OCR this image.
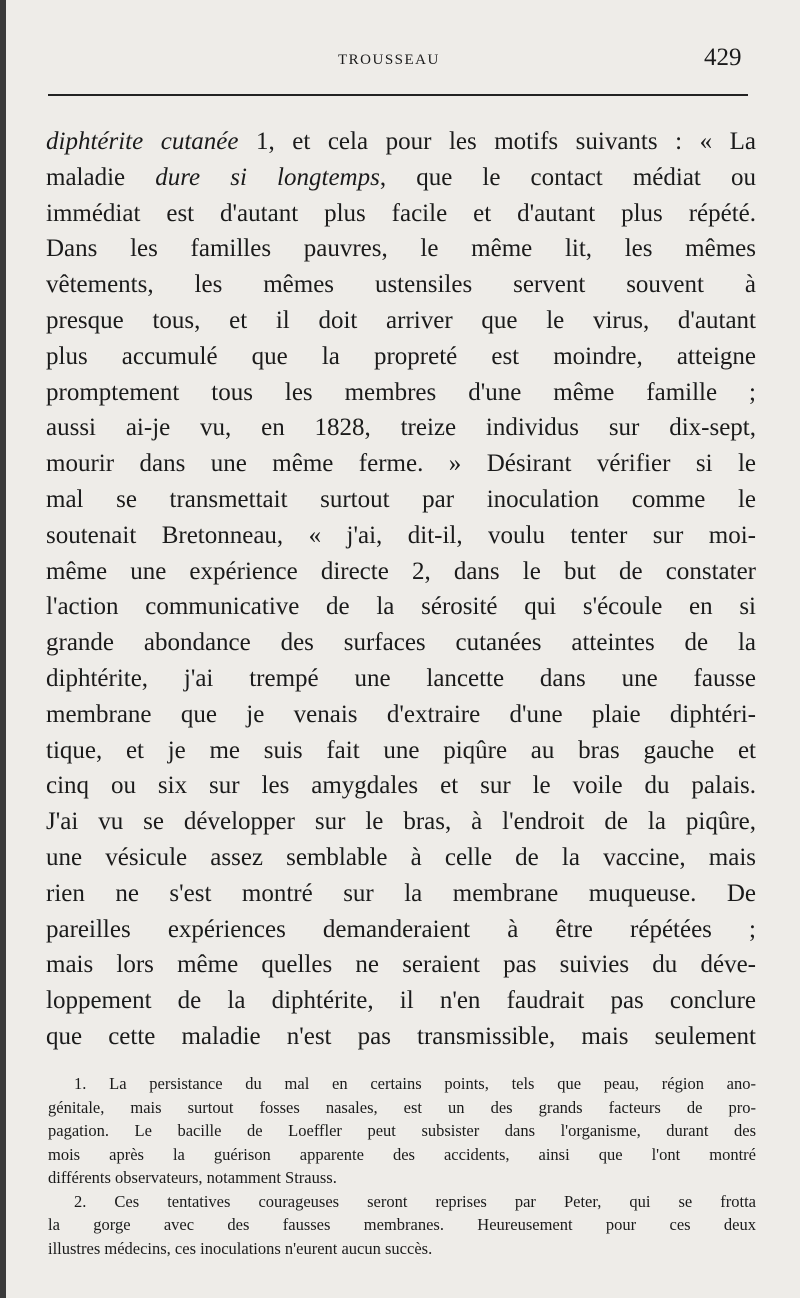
TROUSSEAU	429
diphtérite cutanée 1, et cela pour les motifs suivants : « La
maladie dure si longtemps, que le contact médiat ou
immédiat est d'autant plus facile et d'autant plus répété.
Dans les familles pauvres, le même lit, les mêmes
vêtements, les mêmes ustensiles servent souvent à
presque tous, et il doit arriver que le virus, d'autant
plus accumulé que la propreté est moindre, atteigne
promptement tous les membres d'une même famille ;
aussi ai-je vu, en 1828, treize individus sur dix-sept,
mourir dans une même ferme. » Désirant vérifier si le
mal se transmettait surtout par inoculation comme le
soutenait Bretonneau, « j'ai, dit-il, voulu tenter sur moi-
même une expérience directe 2, dans le but de constater
l'action communicative de la sérosité qui s'écoule en si
grande abondance des surfaces cutanées atteintes de la
diphtérite, j'ai trempé une lancette dans une fausse
membrane que je venais d'extraire d'une plaie diphtéri-
tique, et je me suis fait une piqûre au bras gauche et
cinq ou six sur les amygdales et sur le voile du palais.
J'ai vu se développer sur le bras, à l'endroit de la piqûre,
une vésicule assez semblable à celle de la vaccine, mais
rien ne s'est montré sur la membrane muqueuse. De
pareilles expériences demanderaient à être répétées ;
mais lors même quelles ne seraient pas suivies du déve-
loppement de la diphtérite, il n'en faudrait pas conclure
que cette maladie n'est pas transmissible, mais seulement
1. La persistance du mal en certains points, tels que peau, région ano-
génitale, mais surtout fosses nasales, est un des grands facteurs de pro-
pagation. Le bacille de Loeffler peut subsister dans l'organisme, durant des
mois après la guérison apparente des accidents, ainsi que l'ont montré
différents observateurs, notamment Strauss.
2. Ces tentatives courageuses seront reprises par Peter, qui se frotta
la gorge avec des fausses membranes. Heureusement pour ces deux
illustres médecins, ces inoculations n'eurent aucun succès.
